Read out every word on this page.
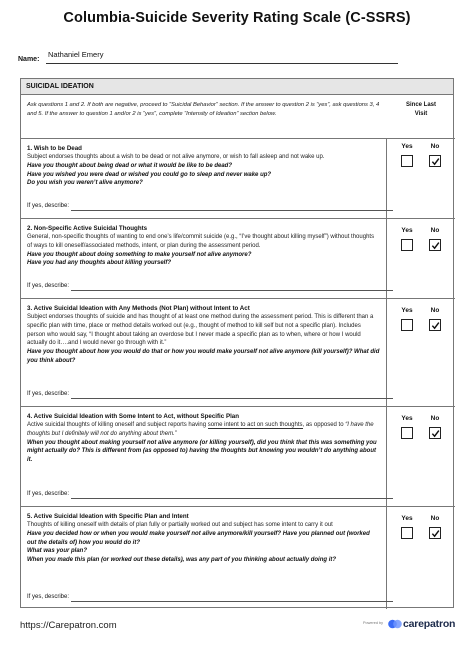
Columbia-Suicide Severity Rating Scale (C-SSRS)
Name:
Nathaniel Emery
SUICIDAL IDEATION
Ask questions 1 and 2. If both are negative, proceed to “Suicidal Behavior” section. If the answer to question 2 is “yes”, ask questions 3, 4 and 5. If the answer to question 1 and/or 2 is “yes”, complete “Intensity of Ideation” section below.
Since Last
Visit
1. Wish to be Dead
Subject endorses thoughts about a wish to be dead or not alive anymore, or wish to fall asleep and not wake up.
Have you thought about being dead or what it would be like to be dead?
Have you wished you were dead or wished you could go to sleep and never wake up?
Do you wish you weren’t alive anymore?
If yes, describe:
Yes	No
2. Non-Specific Active Suicidal Thoughts
General, non-specific thoughts of wanting to end one’s life/commit suicide (e.g., “I’ve thought about killing myself”) without thoughts of ways to kill oneself/associated methods, intent, or plan during the assessment period.
Have you thought about doing something to make yourself not alive anymore?
Have you had any thoughts about killing yourself?
If yes, describe:
Yes	No
3. Active Suicidal Ideation with Any Methods (Not Plan) without Intent to Act
Subject endorses thoughts of suicide and has thought of at least one method during the assessment period. This is different than a specific plan with time, place or method details worked out (e.g., thought of method to kill self but not a specific plan). Includes person who would say, “I thought about taking an overdose but I never made a specific plan as to when, where or how I would actually do it….and I would never go through with it.”
Have you thought about how you would do that or how you would make yourself not alive anymore (kill yourself)? What did you think about?
If yes, describe:
Yes	No
4. Active Suicidal Ideation with Some Intent to Act, without Specific Plan
Active suicidal thoughts of killing oneself and subject reports having some intent to act on such thoughts, as opposed to “I have the thoughts but I definitely will not do anything about them.”
When you thought about making yourself not alive anymore (or killing yourself), did you think that this was something you might actually do? This is different from (as opposed to) having the thoughts but knowing you wouldn’t do anything about it.
If yes, describe:
Yes	No
5. Active Suicidal Ideation with Specific Plan and Intent
Thoughts of killing oneself with details of plan fully or partially worked out and subject has some intent to carry it out
Have you decided how or when you would make yourself not alive anymore/kill yourself? Have you planned out (worked out the details of) how you would do it?
What was your plan?
When you made this plan (or worked out these details), was any part of you thinking about actually doing it?
If yes, describe:
Yes	No
https://Carepatron.com	Powered by carepatron
